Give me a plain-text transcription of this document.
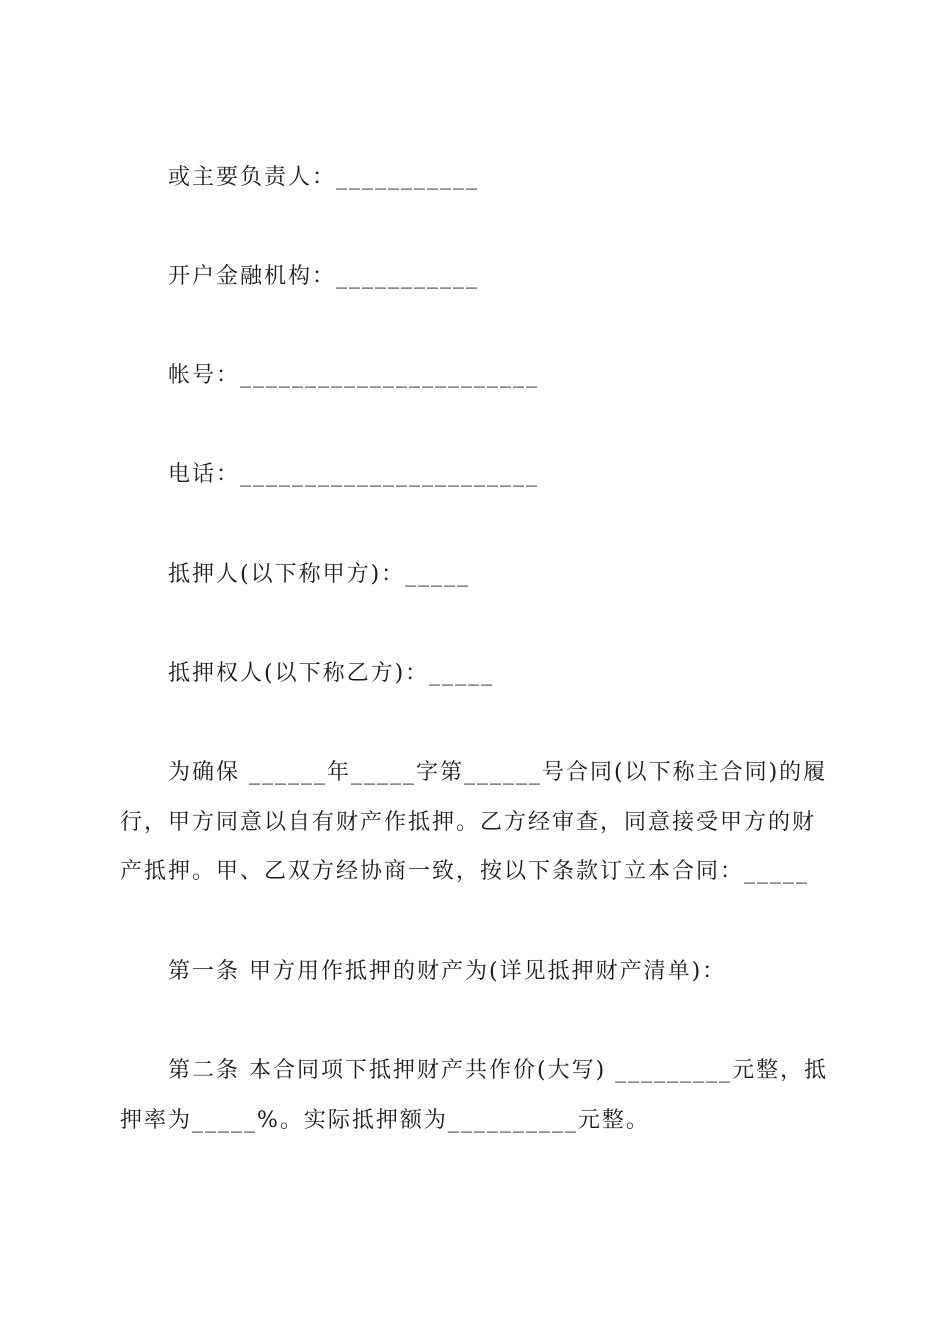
或主要负责人：___________
开户金融机构：___________
帐号：_______________________
电话：_______________________
抵押人(以下称甲方)：_____
抵押权人(以下称乙方)：_____
为确保 ______年_____字第______号合同(以下称主合同)的履
行，甲方同意以自有财产作抵押。乙方经审查，同意接受甲方的财
产抵押。甲、乙双方经协商一致，按以下条款订立本合同：_____
第一条 甲方用作抵押的财产为(详见抵押财产清单)：
第二条 本合同项下抵押财产共作价(大写) _________元整，抵
押率为_____%。实际抵押额为__________元整。
